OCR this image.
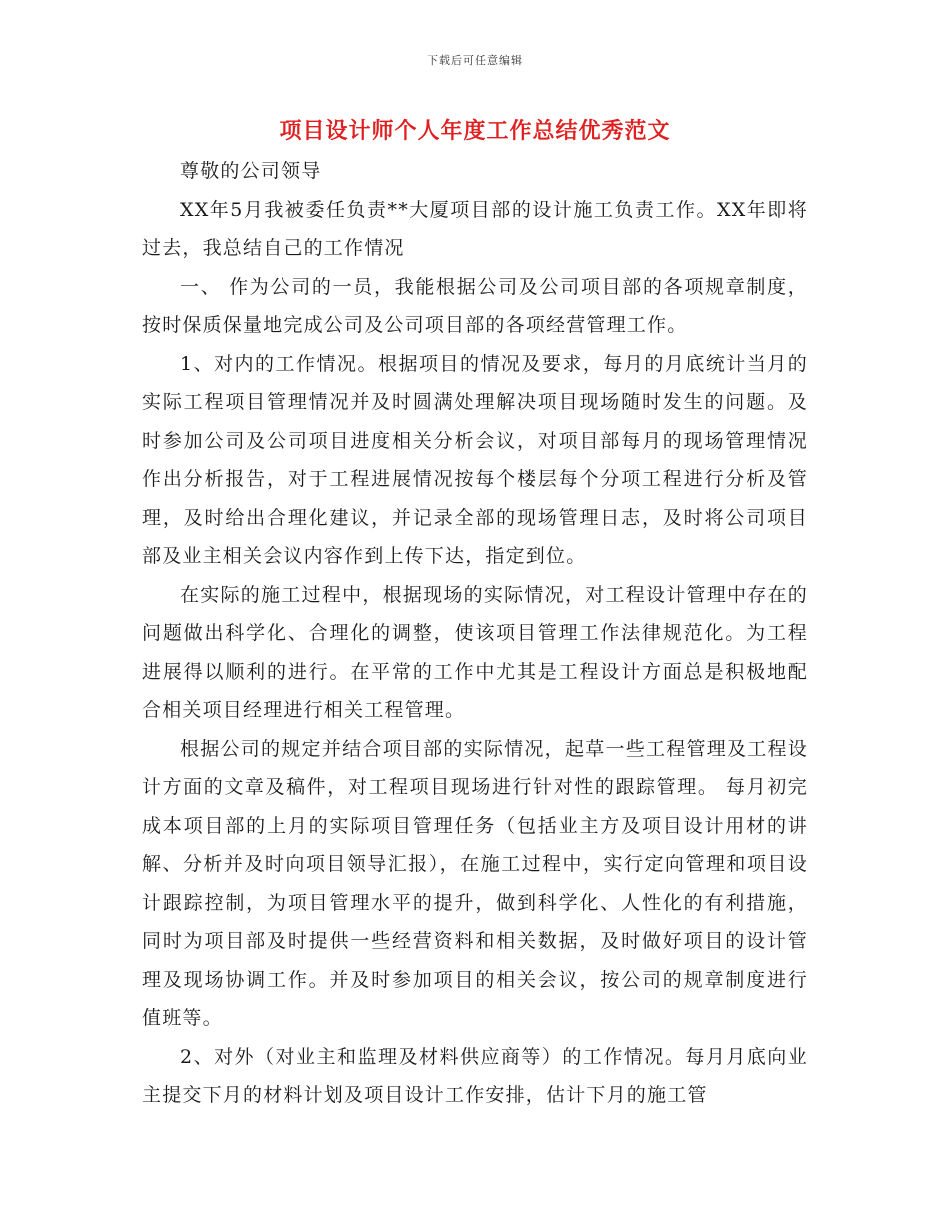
下载后可任意编辑
项目设计师个人年度工作总结优秀范文

尊敬的公司领导

XX年5月我被委任负责**大厦项目部的设计施工负责工作。XX年即将过去，我总结自己的工作情况

一、 作为公司的一员，我能根据公司及公司项目部的各项规章制度，按时保质保量地完成公司及公司项目部的各项经营管理工作。

1、对内的工作情况。根据项目的情况及要求，每月的月底统计当月的实际工程项目管理情况并及时圆满处理解决项目现场随时发生的问题。及时参加公司及公司项目进度相关分析会议，对项目部每月的现场管理情况作出分析报告，对于工程进展情况按每个楼层每个分项工程进行分析及管理，及时给出合理化建议，并记录全部的现场管理日志，及时将公司项目部及业主相关会议内容作到上传下达，指定到位。

在实际的施工过程中，根据现场的实际情况，对工程设计管理中存在的问题做出科学化、合理化的调整，使该项目管理工作法律规范化。为工程进展得以顺利的进行。在平常的工作中尤其是工程设计方面总是积极地配合相关项目经理进行相关工程管理。

根据公司的规定并结合项目部的实际情况，起草一些工程管理及工程设计方面的文章及稿件，对工程项目现场进行针对性的跟踪管理。 每月初完成本项目部的上月的实际项目管理任务（包括业主方及项目设计用材的讲解、分析并及时向项目领导汇报），在施工过程中，实行定向管理和项目设计跟踪控制，为项目管理水平的提升，做到科学化、人性化的有利措施，同时为项目部及时提供一些经营资料和相关数据，及时做好项目的设计管理及现场协调工作。并及时参加项目的相关会议，按公司的规章制度进行值班等。

2、对外（对业主和监理及材料供应商等）的工作情况。每月月底向业主提交下月的材料计划及项目设计工作安排，估计下月的施工管
